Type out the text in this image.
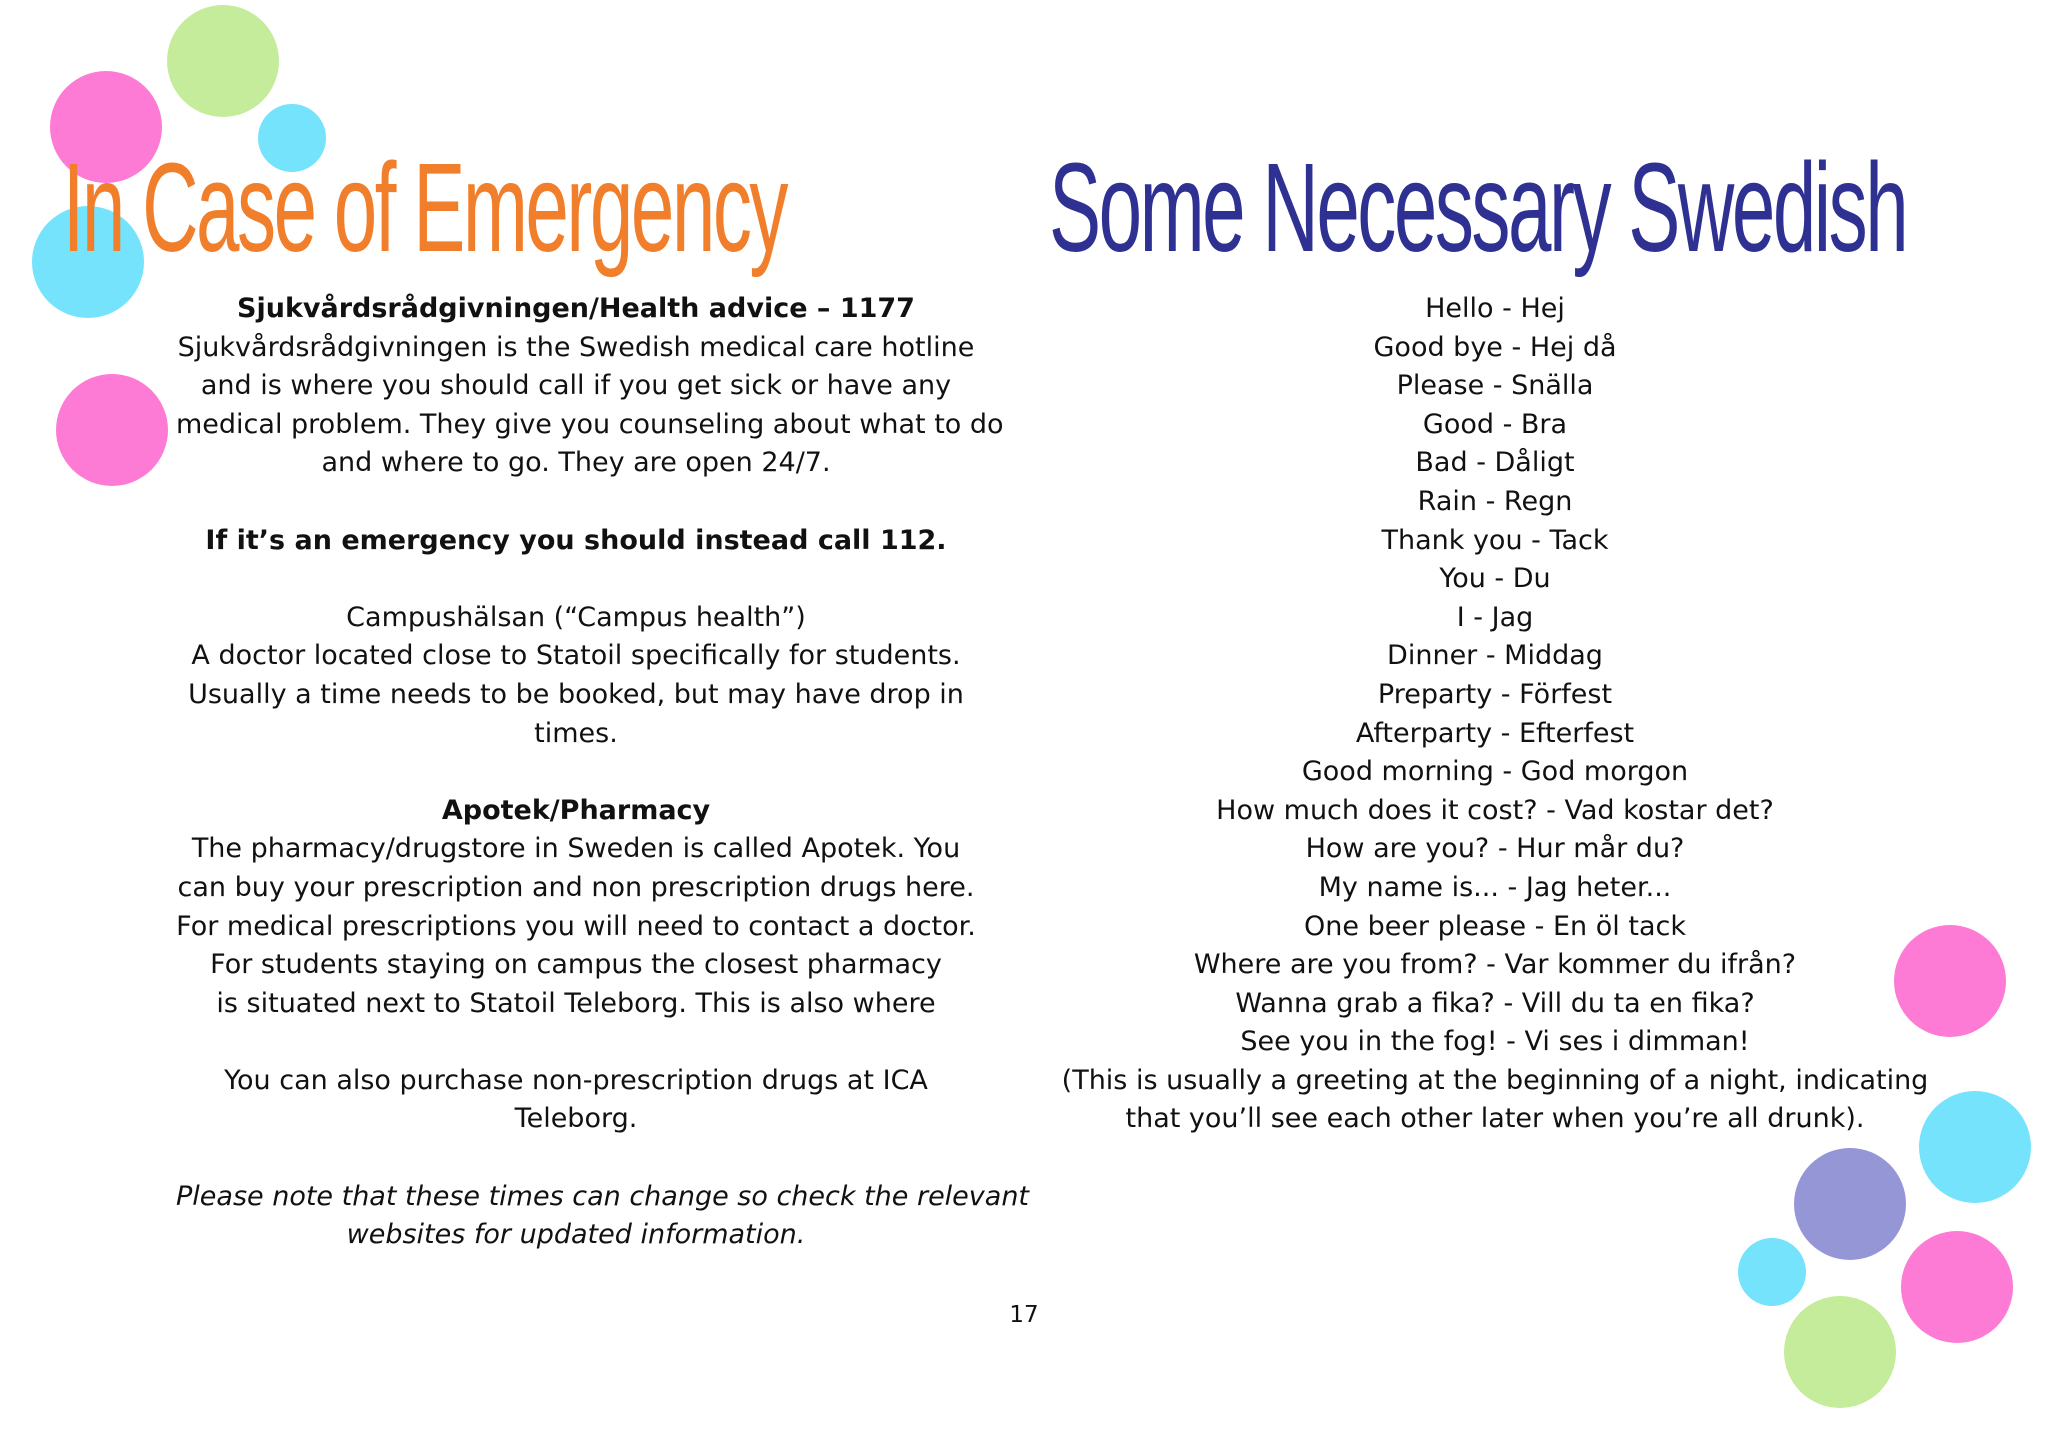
In Case of Emergency Some Necessary Swedish

Sjukvårdsrådgivningen/Health advice – 1177

Sjukvårdsrådgivningen is the Swedish medical care hotline

and is where you should call if you get sick or have any

medical problem. They give you counseling about what to do

and where to go. They are open 24/7.

If it’s an emergency you should instead call 112.

Campushälsan (“Campus health”)

A doctor located close to Statoil specifically for students.

Usually a time needs to be booked, but may have drop in

times.

Apotek/Pharmacy

The pharmacy/drugstore in Sweden is called Apotek. You

can buy your prescription and non prescription drugs here.

For medical prescriptions you will need to contact a doctor.

For students staying on campus the closest pharmacy

is situated next to Statoil Teleborg. This is also where

You can also purchase non-prescription drugs at ICA

Teleborg.

Please note that these times can change so check the relevant

websites for updated information.

Hello - Hej

Good bye - Hej då

Please - Snälla

Good - Bra

Bad - Dåligt

Rain - Regn

Thank you - Tack

You - Du

I - Jag

Dinner - Middag

Preparty - Förfest

Afterparty - Efterfest

Good morning - God morgon

How much does it cost? - Vad kostar det?

How are you? - Hur mår du?

My name is... - Jag heter...

One beer please - En öl tack

Where are you from? - Var kommer du ifrån?

Wanna grab a fika? - Vill du ta en fika?

See you in the fog! - Vi ses i dimman!

(This is usually a greeting at the beginning of a night, indicating

that you’ll see each other later when you’re all drunk).

17
